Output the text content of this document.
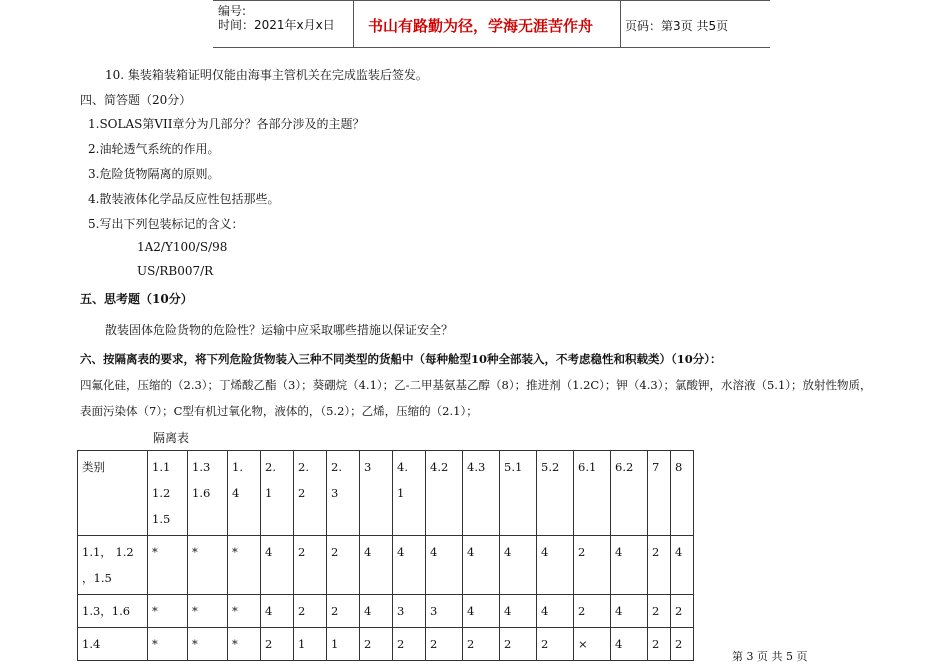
编号:
时间：2021年x月x日 书山有路勤为径，学海无涯苦作舟	页码：第3页 共5页
10. 集装箱装箱证明仅能由海事主管机关在完成监装后签发。
四、简答题（20分）
1.SOLAS第VII章分为几部分？各部分涉及的主题？
2.油轮透气系统的作用。
3.危险货物隔离的原则。
4.散装液体化学品反应性包括那些。
5.写出下列包装标记的含义：
1A2/Y100/S/98
US/RB007/R
五、思考题（10分）
散装固体危险货物的危险性？运输中应采取哪些措施以保证安全？
六、按隔离表的要求，将下列危险货物装入三种不同类型的货船中（每种舱型10种全部装入，不考虑稳性和积载类）（10分）：
四氟化硅，压缩的（2.3）；丁烯酸乙酯（3）；葵硼烷（4.1）；乙-二甲基氨基乙醇（8）；推进剂（1.2C）；钾（4.3）；氯酸钾，水溶液（5.1）；放射性物质，
表面污染体（7）；C型有机过氧化物，液体的，（5.2）；乙烯，压缩的（2.1）；
隔离表
类别	1.1
1.2
1.5	1.3
1.6	1.
4	2.
1	2.
2	2.
3	3	4.
1	4.2	4.3	5.1	5.2	6.1	6.2	7	8
1.1， 1.2
，1.5	*	*	*	4	2	2	4	4	4	4	4	4	2	4	2	4
1.3，1.6	*	*	*	4	2	2	4	3	3	4	4	4	2	4	2	2
1.4	*	*	*	2	1	1	2	2	2	2	2	2	×	4	2	2
第 3 页 共 5 页
